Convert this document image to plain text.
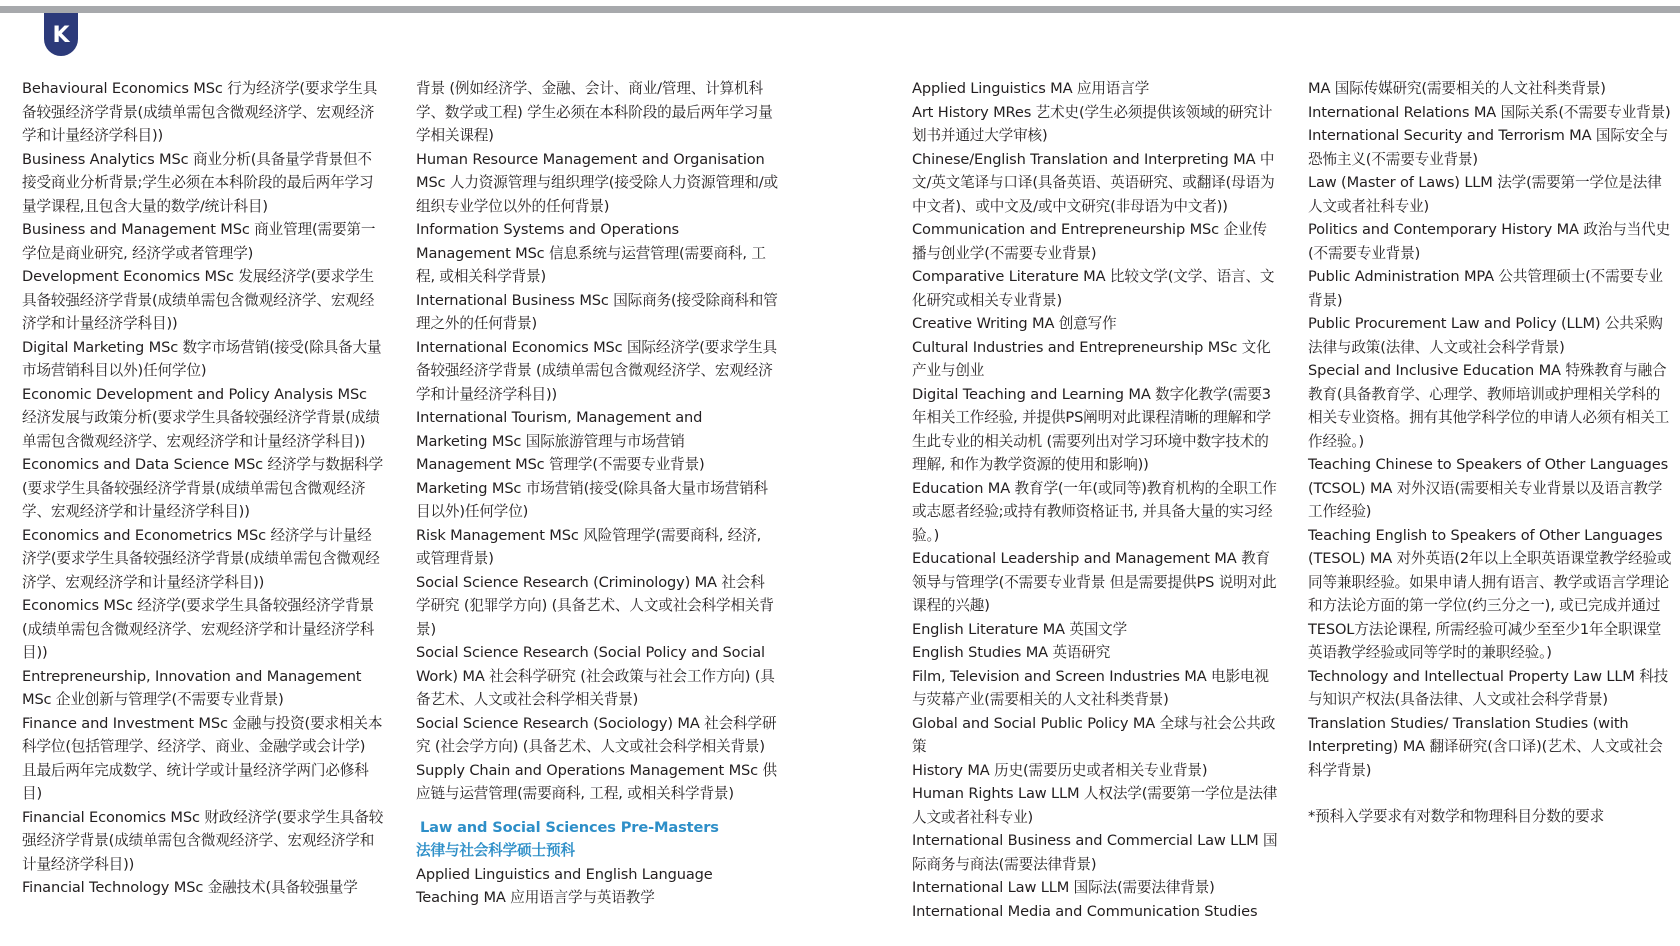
K

Behavioural Economics MSc 行为经济学(要求学生具备较强经济学背景(成绩单需包含微观经济学、宏观经济学和计量经济学科目))

Business Analytics MSc 商业分析(具备量学背景但不接受商业分析背景;学生必须在本科阶段的最后两年学习量学课程,且包含大量的数学/统计科目)

Business and Management MSc 商业管理(需要第一学位是商业研究, 经济学或者管理学)

Development Economics MSc 发展经济学(要求学生具备较强经济学背景(成绩单需包含微观经济学、宏观经济学和计量经济学科目))

Digital Marketing MSc 数字市场营销(接受(除具备大量市场营销科目以外)任何学位)

Economic Development and Policy Analysis MSc 经济发展与政策分析(要求学生具备较强经济学背景(成绩单需包含微观经济学、宏观经济学和计量经济学科目))

Economics and Data Science MSc 经济学与数据科学(要求学生具备较强经济学背景(成绩单需包含微观经济学、宏观经济学和计量经济学科目))

Economics and Econometrics MSc 经济学与计量经济学(要求学生具备较强经济学背景(成绩单需包含微观经济学、宏观经济学和计量经济学科目))

Economics MSc 经济学(要求学生具备较强经济学背景(成绩单需包含微观经济学、宏观经济学和计量经济学科目))

Entrepreneurship, Innovation and Management MSc 企业创新与管理学(不需要专业背景)

Finance and Investment MSc 金融与投资(要求相关本科学位(包括管理学、经济学、商业、金融学或会计学) 且最后两年完成数学、统计学或计量经济学两门必修科目)

Financial Economics MSc 财政经济学(要求学生具备较强经济学背景(成绩单需包含微观经济学、宏观经济学和计量经济学科目))

Financial Technology MSc 金融技术(具备较强量学

背景 (例如经济学、金融、会计、商业/管理、计算机科学、数学或工程) 学生必须在本科阶段的最后两年学习量学相关课程)

Human Resource Management and Organisation MSc 人力资源管理与组织理学(接受除人力资源管理和/或组织专业学位以外的任何背景)

Information Systems and Operations Management MSc 信息系统与运营管理(需要商科, 工程, 或相关科学背景)

International Business MSc 国际商务(接受除商科和管理之外的任何背景)

International Economics MSc 国际经济学(要求学生具备较强经济学背景 (成绩单需包含微观经济学、宏观经济学和计量经济学科目))

International Tourism, Management and Marketing MSc 国际旅游管理与市场营销 Management MSc 管理学(不需要专业背景)

Marketing MSc 市场营销(接受(除具备大量市场营销科目以外)任何学位)

Risk Management MSc 风险管理学(需要商科, 经济, 或管理背景)

Social Science Research (Criminology) MA 社会科学研究 (犯罪学方向) (具备艺术、人文或社会科学相关背景)

Social Science Research (Social Policy and Social Work) MA 社会科学研究 (社会政策与社会工作方向) (具备艺术、人文或社会科学相关背景)

Social Science Research (Sociology) MA 社会科学研究 (社会学方向) (具备艺术、人文或社会科学相关背景)

Supply Chain and Operations Management MSc 供应链与运营管理(需要商科, 工程, 或相关科学背景)

Law and Social Sciences Pre-Masters
法律与社会科学硕士预科

Applied Linguistics and English Language Teaching MA 应用语言学与英语教学

Applied Linguistics MA 应用语言学

Art History MRes 艺术史(学生必须提供该领域的研究计划书并通过大学审核)

Chinese/English Translation and Interpreting MA 中文/英文笔译与口译(具备英语、英语研究、或翻译(母语为中文者)、或中文及/或中文研究(非母语为中文者))

Communication and Entrepreneurship MSc 企业传播与创业学(不需要专业背景)

Comparative Literature MA 比较文学(文学、语言、文化研究或相关专业背景)

Creative Writing MA 创意写作

Cultural Industries and Entrepreneurship MSc 文化产业与创业

Digital Teaching and Learning MA 数字化教学(需要3年相关工作经验, 并提供PS阐明对此课程清晰的理解和学生此专业的相关动机 (需要列出对学习环境中数字技术的理解, 和作为教学资源的使用和影响))

Education MA 教育学(一年(或同等)教育机构的全职工作或志愿者经验;或持有教师资格证书, 并具备大量的实习经验。)

Educational Leadership and Management MA 教育领导与管理学(不需要专业背景 但是需要提供PS 说明对此课程的兴趣)

English Literature MA 英国文学

English Studies MA 英语研究

Film, Television and Screen Industries MA 电影电视与荧幕产业(需要相关的人文社科类背景)

Global and Social Public Policy MA 全球与社会公共政策

History MA 历史(需要历史或者相关专业背景)

Human Rights Law LLM 人权法学(需要第一学位是法律人文或者社科专业)

International Business and Commercial Law LLM 国际商务与商法(需要法律背景)

International Law LLM 国际法(需要法律背景)

International Media and Communication Studies

MA 国际传媒研究(需要相关的人文社科类背景)

International Relations MA 国际关系(不需要专业背景)

International Security and Terrorism MA 国际安全与恐怖主义(不需要专业背景)

Law (Master of Laws) LLM 法学(需要第一学位是法律人文或者社科专业)

Politics and Contemporary History MA 政治与当代史(不需要专业背景)

Public Administration MPA 公共管理硕士(不需要专业背景)

Public Procurement Law and Policy (LLM) 公共采购法律与政策(法律、人文或社会科学背景)

Special and Inclusive Education MA 特殊教育与融合教育(具备教育学、心理学、教师培训或护理相关学科的相关专业资格。拥有其他学科学位的申请人必须有相关工作经验。)

Teaching Chinese to Speakers of Other Languages (TCSOL) MA 对外汉语(需要相关专业背景以及语言教学工作经验)

Teaching English to Speakers of Other Languages (TESOL) MA 对外英语(2年以上全职英语课堂教学经验或同等兼职经验。如果申请人拥有语言、教学或语言学理论和方法论方面的第一学位(约三分之一), 或已完成并通过TESOL方法论课程, 所需经验可减少至至少1年全职课堂英语教学经验或同等学时的兼职经验。)

Technology and Intellectual Property Law LLM 科技与知识产权法(具备法律、人文或社会科学背景)

Translation Studies/ Translation Studies (with Interpreting) MA 翻译研究(含口译)(艺术、人文或社会科学背景)

*预科入学要求有对数学和物理科目分数的要求
